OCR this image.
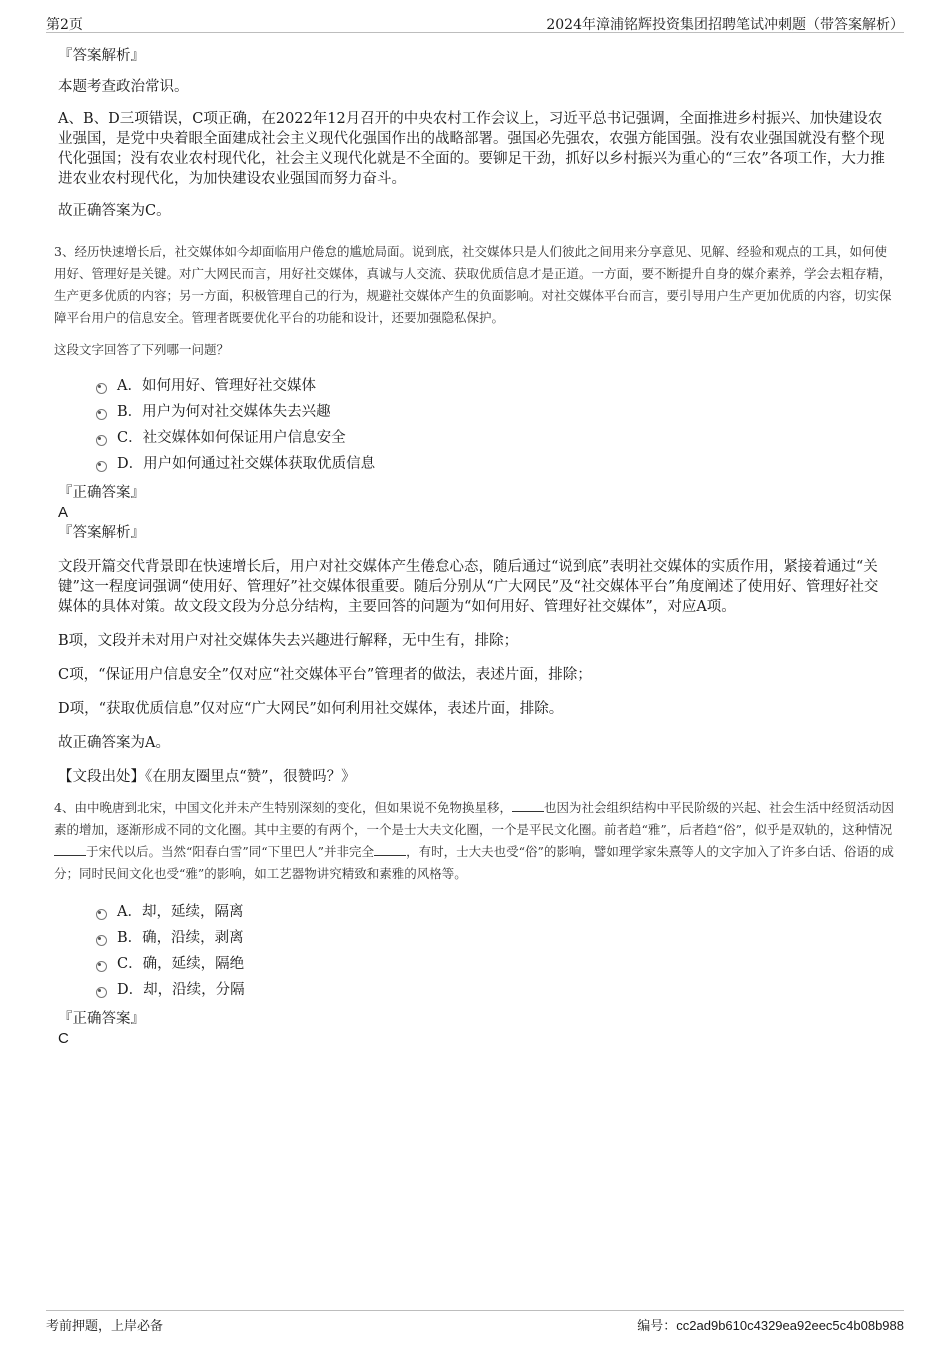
第2页	2024年漳浦铭辉投资集团招聘笔试冲刺题（带答案解析）

『答案解析』

本题考查政治常识。

A、B、D三项错误，C项正确，在2022年12月召开的中央农村工作会议上，习近平总书记强调，全面推进乡村振兴、加快建设农业强国，是党中央着眼全面建成社会主义现代化强国作出的战略部署。强国必先强农，农强方能国强。没有农业强国就没有整个现代化强国；没有农业农村现代化，社会主义现代化就是不全面的。要铆足干劲，抓好以乡村振兴为重心的“三农”各项工作，大力推进农业农村现代化，为加快建设农业强国而努力奋斗。

故正确答案为C。

3、经历快速增长后，社交媒体如今却面临用户倦怠的尴尬局面。说到底，社交媒体只是人们彼此之间用来分享意见、见解、经验和观点的工具，如何使用好、管理好是关键。对广大网民而言，用好社交媒体，真诚与人交流、获取优质信息才是正道。一方面，要不断提升自身的媒介素养，学会去粗存精，生产更多优质的内容；另一方面，积极管理自己的行为，规避社交媒体产生的负面影响。对社交媒体平台而言，要引导用户生产更加优质的内容，切实保障平台用户的信息安全。管理者既要优化平台的功能和设计，还要加强隐私保护。

这段文字回答了下列哪一问题？

A．如何用好、管理好社交媒体
B．用户为何对社交媒体失去兴趣
C．社交媒体如何保证用户信息安全
D．用户如何通过社交媒体获取优质信息

『正确答案』

A

『答案解析』

文段开篇交代背景即在快速增长后，用户对社交媒体产生倦怠心态，随后通过“说到底”表明社交媒体的实质作用，紧接着通过“关键”这一程度词强调“使用好、管理好”社交媒体很重要。随后分别从“广大网民”及“社交媒体平台”角度阐述了使用好、管理好社交媒体的具体对策。故文段文段为分总分结构，主要回答的问题为“如何用好、管理好社交媒体”，对应A项。

B项，文段并未对用户对社交媒体失去兴趣进行解释，无中生有，排除；

C项，“保证用户信息安全”仅对应“社交媒体平台”管理者的做法，表述片面，排除；

D项，“获取优质信息”仅对应“广大网民”如何利用社交媒体，表述片面，排除。

故正确答案为A。

【文段出处】《在朋友圈里点“赞”，很赞吗？》

4、由中晚唐到北宋，中国文化并未产生特别深刻的变化，但如果说不免物换星移，	也因为社会组织结构中平民阶级的兴起、社会生活中经贸活动因素的增加，逐渐形成不同的文化圈。其中主要的有两个，一个是士大夫文化圈，一个是平民文化圈。前者趋“雅”，后者趋“俗”，似乎是双轨的，这种情况于宋代以后。当然“阳春白雪”同“下里巴人”并非完全	，有时，士大夫也受“俗”的影响，譬如理学家朱熹等人的文字加入了许多白话、俗语的成分；同时民间文化也受“雅”的影响，如工艺器物讲究精致和素雅的风格等。

A．却，延续，隔离
B．确，沿续，剥离
C．确，延续，隔绝
D．却，沿续，分隔

『正确答案』

C

考前押题，上岸必备	编号：cc2ad9b610c4329ea92eec5c4b08b988
